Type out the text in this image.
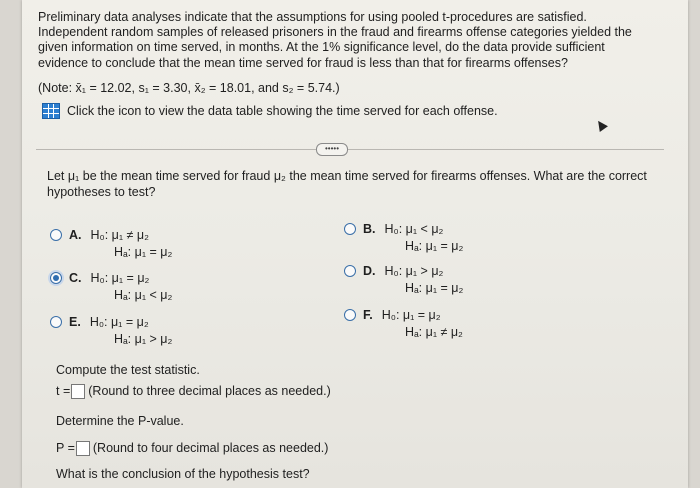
Preliminary data analyses indicate that the assumptions for using pooled t-procedures are satisfied. Independent random samples of released prisoners in the fraud and firearms offense categories yielded the given information on time served, in months. At the 1% significance level, do the data provide sufficient evidence to conclude that the mean time served for fraud is less than that for firearms offenses?

(Note: x̄₁ = 12.02, s₁ = 3.30, x̄₂ = 18.01, and s₂ = 5.74.)
Click the icon to view the data table showing the time served for each offense.
•••••
Let μ₁ be the mean time served for fraud μ₂ the mean time served for firearms offenses. What are the correct hypotheses to test?
A. H₀: μ₁ ≠ μ₂
Hₐ: μ₁ = μ₂
B. H₀: μ₁ < μ₂
Hₐ: μ₁ = μ₂
C. H₀: μ₁ = μ₂
Hₐ: μ₁ < μ₂
D. H₀: μ₁ > μ₂
Hₐ: μ₁ = μ₂
E. H₀: μ₁ = μ₂
Hₐ: μ₁ > μ₂
F. H₀: μ₁ = μ₂
Hₐ: μ₁ ≠ μ₂
Compute the test statistic.
t = (Round to three decimal places as needed.)
Determine the P-value.
P = (Round to four decimal places as needed.)
What is the conclusion of the hypothesis test?
